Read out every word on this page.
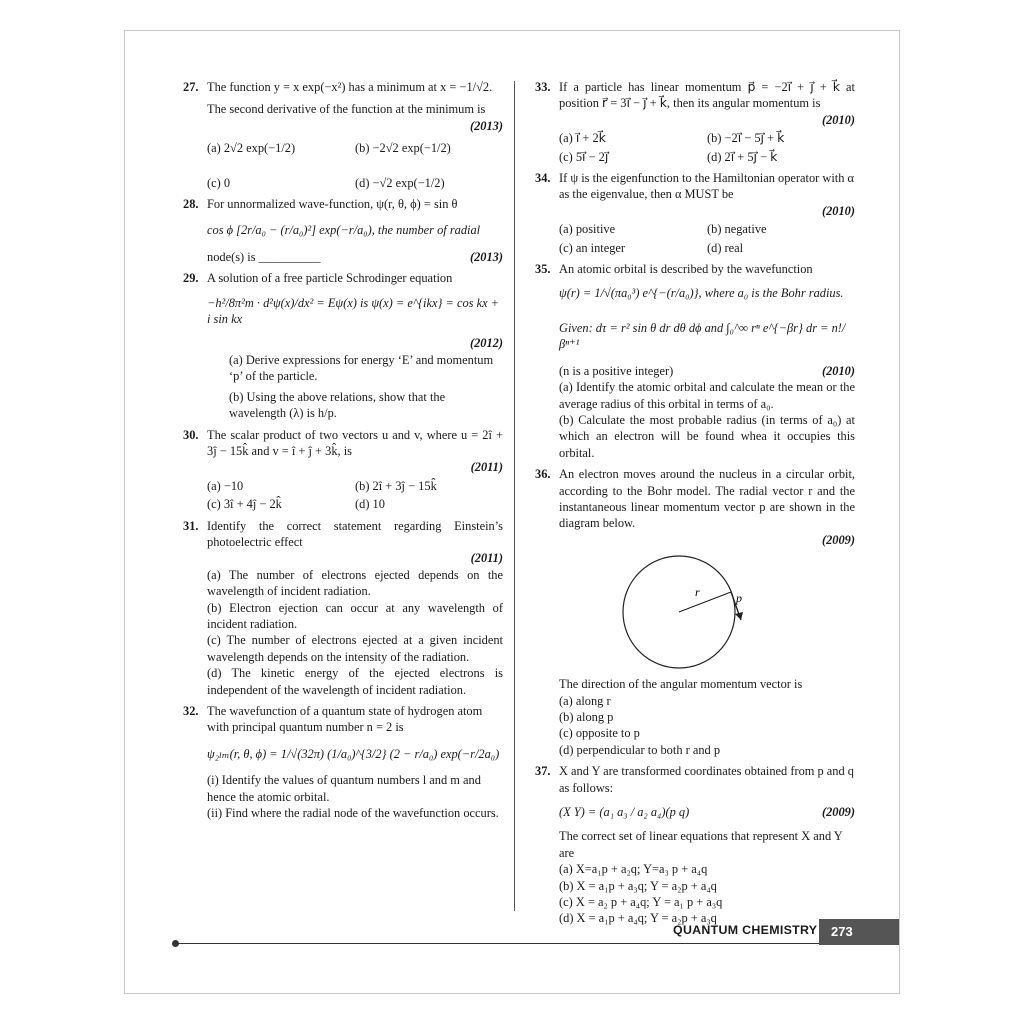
27. The function y = x exp(−x²) has a minimum at x = −1/√2.
The second derivative of the function at the minimum is
(2013)
(a) 2√2 exp(−1/2)	(b) −2√2 exp(−1/2)
(c) 0	(d) −√2 exp(−1/2)
28. For unnormalized wave-function, ψ(r, θ, ϕ) = sin θ
cos ϕ [2r/a₀ − (r/a₀)²] exp(−r/a₀), the number of radial
node(s) is __________	(2013)
29. A solution of a free particle Schrodinger equation
−h²/8π²m · d²ψ(x)/dx² = Eψ(x) is ψ(x) = e^{ikx} = cos kx + i sin kx
(2012)
(a) Derive expressions for energy ‘E’ and momentum ‘p’ of the particle.
(b) Using the above relations, show that the wavelength (λ) is h/p.
30. The scalar product of two vectors u and v, where u = 2î + 3ĵ − 15k̂ and v = î + ĵ + 3k̂, is
(2011)
(a) −10	(b) 2î + 3ĵ − 15k̂
(c) 3î + 4ĵ − 2k̂	(d) 10
31. Identify the correct statement regarding Einstein’s photoelectric effect
(2011)
(a) The number of electrons ejected depends on the wavelength of incident radiation.
(b) Electron ejection can occur at any wavelength of incident radiation.
(c) The number of electrons ejected at a given incident wavelength depends on the intensity of the radiation.
(d) The kinetic energy of the ejected electrons is independent of the wavelength of incident radiation.
32. The wavefunction of a quantum state of hydrogen atom with principal quantum number n = 2 is
ψ₂ₗₘ(r, θ, ϕ) = 1/√(32π) (1/a₀)^{3/2} (2 − r/a₀) exp(−r/2a₀)
(i) Identify the values of quantum numbers l and m and hence the atomic orbital.
(ii) Find where the radial node of the wavefunction occurs.
33. If a particle has linear momentum p⃗ = −2i⃗ + j⃗ + k⃗ at position r⃗ = 3i⃗ − j⃗ + k⃗, then its angular momentum is
(2010)
(a) i⃗ + 2k⃗	(b) −2i⃗ − 5j⃗ + k⃗
(c) 5i⃗ − 2j⃗	(d) 2i⃗ + 5j⃗ − k⃗
34. If ψ is the eigenfunction to the Hamiltonian operator with α as the eigenvalue, then α MUST be
(2010)
(a) positive	(b) negative
(c) an integer	(d) real
35. An atomic orbital is described by the wavefunction
ψ(r) = 1/√(πa₀³) e^{−(r/a₀)}, where a₀ is the Bohr radius.
Given: dτ = r² sin θ dr dθ dϕ and ∫₀^∞ rⁿ e^{−βr} dr = n!/βⁿ⁺¹
(n is a positive integer)	(2010)
(a) Identify the atomic orbital and calculate the mean or the average radius of this orbital in terms of a₀.
(b) Calculate the most probable radius (in terms of a₀) at which an electron will be found whea it occupies this orbital.
36. An electron moves around the nucleus in a circular orbit, according to the Bohr model. The radial vector r and the instantaneous linear momentum vector p are shown in the diagram below.
(2009)
r⃗ p⃗
The direction of the angular momentum vector is
(a) along r
(b) along p
(c) opposite to p
(d) perpendicular to both r and p
37. X and Y are transformed coordinates obtained from p and q as follows:
(X Y) = (a₁ a₃ / a₂ a₄)(p q)	(2009)
The correct set of linear equations that represent X and Y are
(a) X=a₁p + a₂q; Y=a₃ p + a₄q
(b) X = a₁p + a₃q; Y = a₂p + a₄q
(c) X = a₂ p + a₄q; Y = a₁ p + a₃q
(d) X = a₁p + a₄q; Y = a₂p + a₃q
QUANTUM CHEMISTRY	273
